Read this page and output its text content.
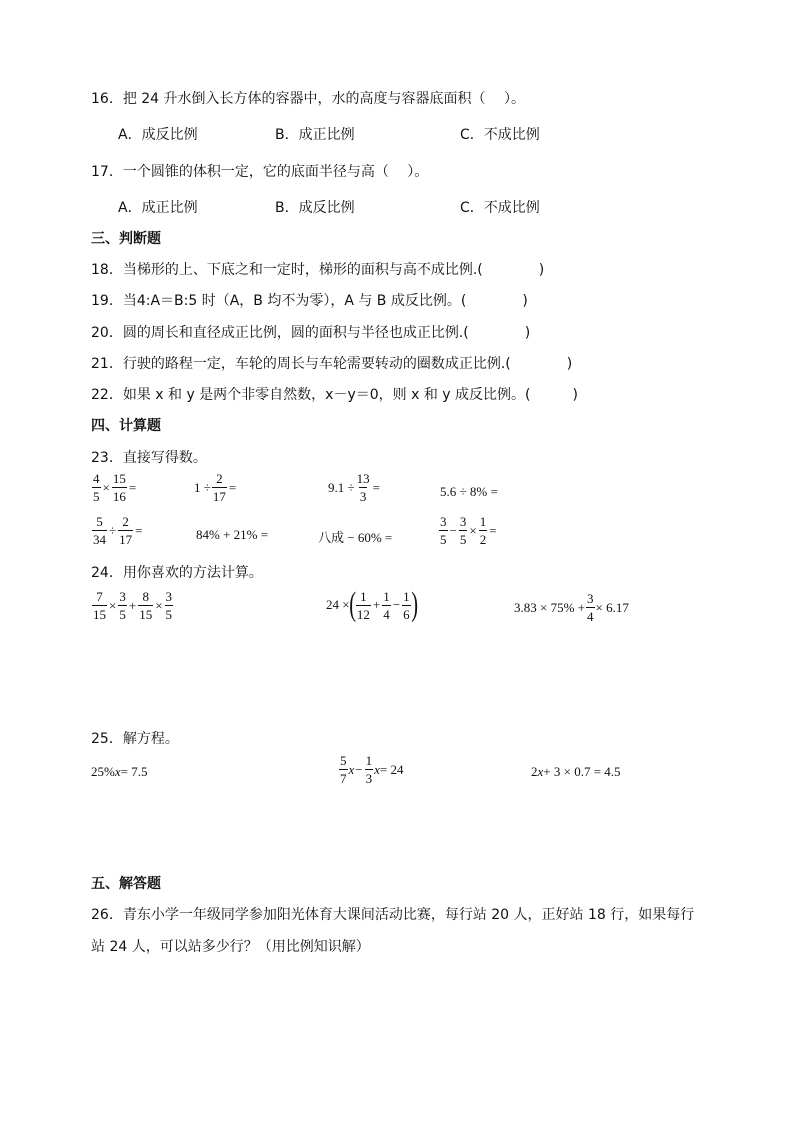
16．把 24 升水倒入长方体的容器中，水的高度与容器底面积（　 ）。
A．成反比例	B．成正比例	C．不成比例
17．一个圆锥的体积一定，它的底面半径与高（　 ）。
A．成正比例	B．成反比例	C．不成比例
三、判断题
18．当梯形的上、下底之和一定时，梯形的面积与高不成比例.(　　　　)
19．当4:A＝B:5 时（A，B 均不为零），A 与 B 成反比例。(　　　　)
20．圆的周长和直径成正比例，圆的面积与半径也成正比例.(　　　　)
21．行驶的路程一定，车轮的周长与车轮需要转动的圈数成正比例.(　　　　)
22．如果 x 和 y 是两个非零自然数，x－y＝0，则 x 和 y 成反比例。(　　　)
四、计算题
23．直接写得数。
$\frac{4}{5} \times \frac{15}{16}$ =	$1 \div \frac{2}{17}$ =	$9.1 \div \frac{13}{3}$ =	5.6 ÷ 8% =
$\frac{5}{34} \div \frac{2}{17}$ =	84% + 21% =	八成 − 60% =	$\frac{3}{5} - \frac{3}{5} \times \frac{1}{2}$ =
24．用你喜欢的方法计算。
$\frac{7}{15} \times \frac{3}{5} + \frac{8}{15} \times \frac{3}{5}$	24 × ( $\frac{1}{12} + \frac{1}{4} - \frac{1}{6}$ )	$3.83 \times 75\% + \frac{3}{4} \times 6.17$
25．解方程。
25% x = 7.5	$\frac{5}{7}$ $x - \frac{1}{3}$ x = 24	2 x + 3 × 0.7 = 4.5
五、解答题
26．青东小学一年级同学参加阳光体育大课间活动比赛，每行站 20 人，正好站 18 行，如果每行
站 24 人，可以站多少行？（用比例知识解）
